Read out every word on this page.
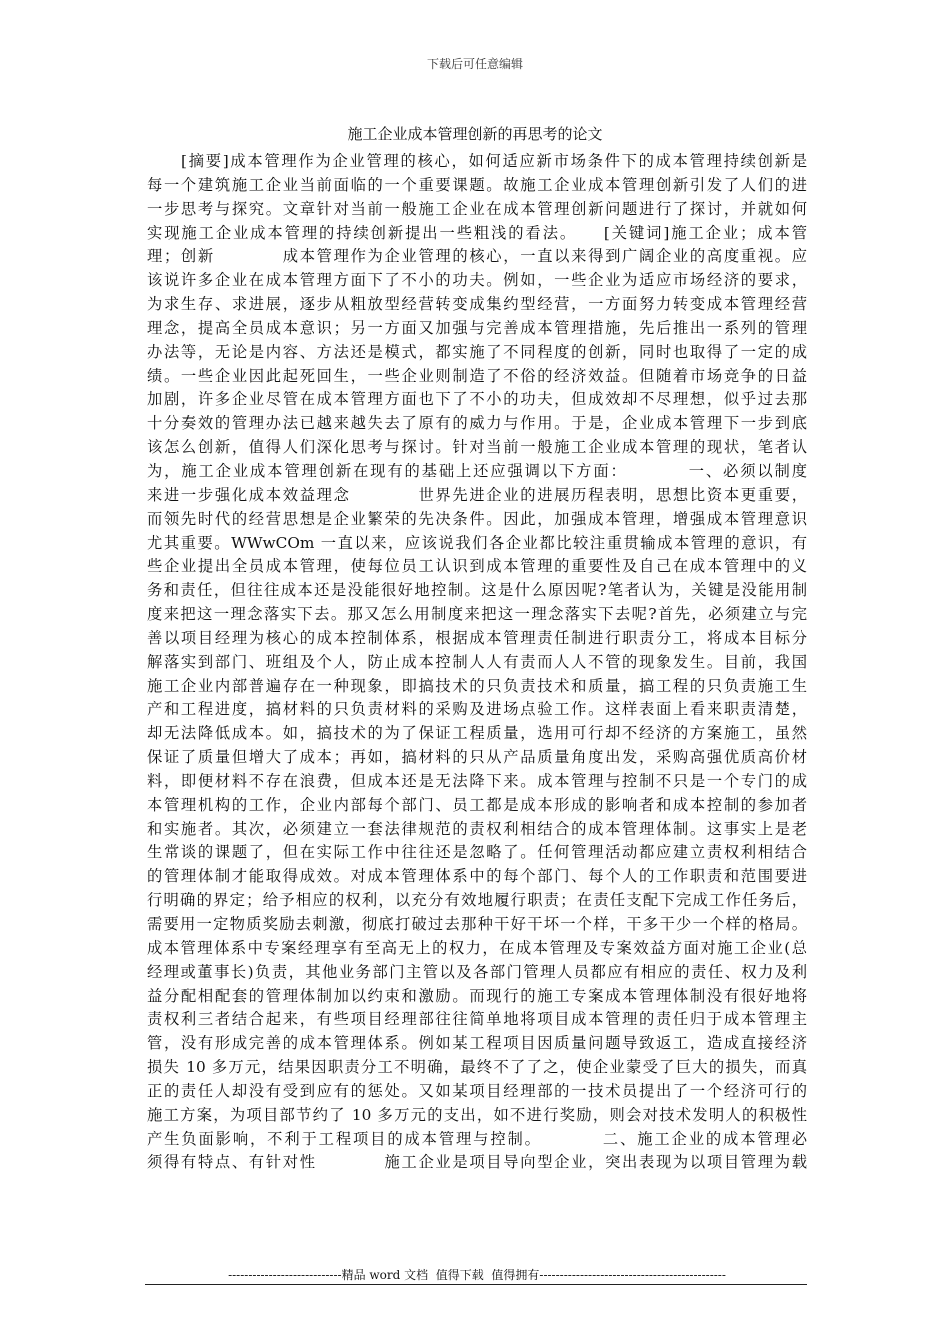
下载后可任意编辑
施工企业成本管理创新的再思考的论文
　　[摘要]成本管理作为企业管理的核心，如何适应新市场条件下的成本管理持续创新是
每一个建筑施工企业当前面临的一个重要课题。故施工企业成本管理创新引发了人们的进
一步思考与探究。文章针对当前一般施工企业在成本管理创新问题进行了探讨，并就如何
实现施工企业成本管理的持续创新提出一些粗浅的看法。　　[关键词]施工企业；成本管
理；创新　　　　成本管理作为企业管理的核心，一直以来得到广阔企业的高度重视。应
该说许多企业在成本管理方面下了不小的功夫。例如，一些企业为适应市场经济的要求，
为求生存、求进展，逐步从粗放型经营转变成集约型经营，一方面努力转变成本管理经营
理念，提高全员成本意识；另一方面又加强与完善成本管理措施，先后推出一系列的管理
办法等，无论是内容、方法还是模式，都实施了不同程度的创新，同时也取得了一定的成
绩。一些企业因此起死回生，一些企业则制造了不俗的经济效益。但随着市场竞争的日益
加剧，许多企业尽管在成本管理方面也下了不小的功夫，但成效却不尽理想，似乎过去那
十分奏效的管理办法已越来越失去了原有的威力与作用。于是，企业成本管理下一步到底
该怎么创新，值得人们深化思考与探讨。针对当前一般施工企业成本管理的现状，笔者认
为，施工企业成本管理创新在现有的基础上还应强调以下方面：　　　　一、必须以制度
来进一步强化成本效益理念　　　　世界先进企业的进展历程表明，思想比资本更重要，
而领先时代的经营思想是企业繁荣的先决条件。因此，加强成本管理，增强成本管理意识
尤其重要。WWwCOm 一直以来，应该说我们各企业都比较注重贯输成本管理的意识，有
些企业提出全员成本管理，使每位员工认识到成本管理的重要性及自己在成本管理中的义
务和责任，但往往成本还是没能很好地控制。这是什么原因呢?笔者认为，关键是没能用制
度来把这一理念落实下去。那又怎么用制度来把这一理念落实下去呢?首先，必须建立与完
善以项目经理为核心的成本控制体系，根据成本管理责任制进行职责分工，将成本目标分
解落实到部门、班组及个人，防止成本控制人人有责而人人不管的现象发生。目前，我国
施工企业内部普遍存在一种现象，即搞技术的只负责技术和质量，搞工程的只负责施工生
产和工程进度，搞材料的只负责材料的采购及进场点验工作。这样表面上看来职责清楚，
却无法降低成本。如，搞技术的为了保证工程质量，选用可行却不经济的方案施工，虽然
保证了质量但增大了成本；再如，搞材料的只从产品质量角度出发，采购高强优质高价材
料，即便材料不存在浪费，但成本还是无法降下来。成本管理与控制不只是一个专门的成
本管理机构的工作，企业内部每个部门、员工都是成本形成的影响者和成本控制的参加者
和实施者。其次，必须建立一套法律规范的责权利相结合的成本管理体制。这事实上是老
生常谈的课题了，但在实际工作中往往还是忽略了。任何管理活动都应建立责权利相结合
的管理体制才能取得成效。对成本管理体系中的每个部门、每个人的工作职责和范围要进
行明确的界定；给予相应的权利，以充分有效地履行职责；在责任支配下完成工作任务后，
需要用一定物质奖励去刺激，彻底打破过去那种干好干坏一个样，干多干少一个样的格局。
成本管理体系中专案经理享有至高无上的权力，在成本管理及专案效益方面对施工企业(总
经理或董事长)负责，其他业务部门主管以及各部门管理人员都应有相应的责任、权力及利
益分配相配套的管理体制加以约束和激励。而现行的施工专案成本管理体制没有很好地将
责权利三者结合起来，有些项目经理部往往简单地将项目成本管理的责任归于成本管理主
管，没有形成完善的成本管理体系。例如某工程项目因质量问题导致返工，造成直接经济
损失 10 多万元，结果因职责分工不明确，最终不了了之，使企业蒙受了巨大的损失，而真
正的责任人却没有受到应有的惩处。又如某项目经理部的一技术员提出了一个经济可行的
施工方案，为项目部节约了 10 多万元的支出，如不进行奖励，则会对技术发明人的积极性
产生负面影响，不利于工程项目的成本管理与控制。　　　　二、施工企业的成本管理必
须得有特点、有针对性　　　　施工企业是项目导向型企业，突出表现为以项目管理为载
----------------------------精品 word 文档  值得下载  值得拥有----------------------------------------------
